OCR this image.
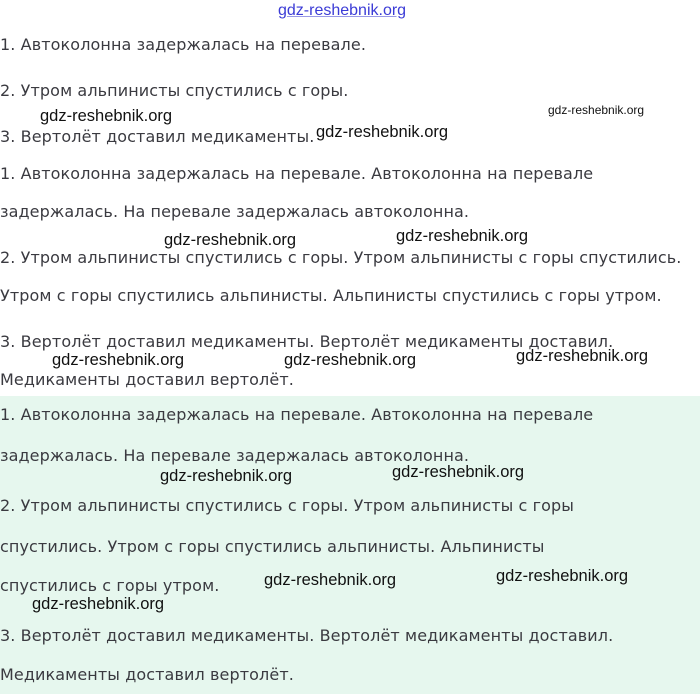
gdz-reshebnik.org
1. Автоколонна задержалась на перевале.
2. Утром альпинисты спустились с горы.
3. Вертолёт доставил медикаменты.
1. Автоколонна задержалась на перевале. Автоколонна на перевале
задержалась. На перевале задержалась автоколонна.
2. Утром альпинисты спустились с горы. Утром альпинисты с горы спустились.
Утром с горы спустились альпинисты. Альпинисты спустились с горы утром.
3. Вертолёт доставил медикаменты. Вертолёт медикаменты доставил.
Медикаменты доставил вертолёт.
1. Автоколонна задержалась на перевале. Автоколонна на перевале
задержалась. На перевале задержалась автоколонна.
2. Утром альпинисты спустились с горы. Утром альпинисты с горы
спустились. Утром с горы спустились альпинисты. Альпинисты
спустились с горы утром.
3. Вертолёт доставил медикаменты. Вертолёт медикаменты доставил.
Медикаменты доставил вертолёт.
gdz-reshebnik.org	gdz-reshebnik.org
gdz-reshebnik.org
gdz-reshebnik.org	gdz-reshebnik.org
gdz-reshebnik.org	gdz-reshebnik.org	gdz-reshebnik.org
gdz-reshebnik.org	gdz-reshebnik.org
gdz-reshebnik.org	gdz-reshebnik.org
gdz-reshebnik.org
